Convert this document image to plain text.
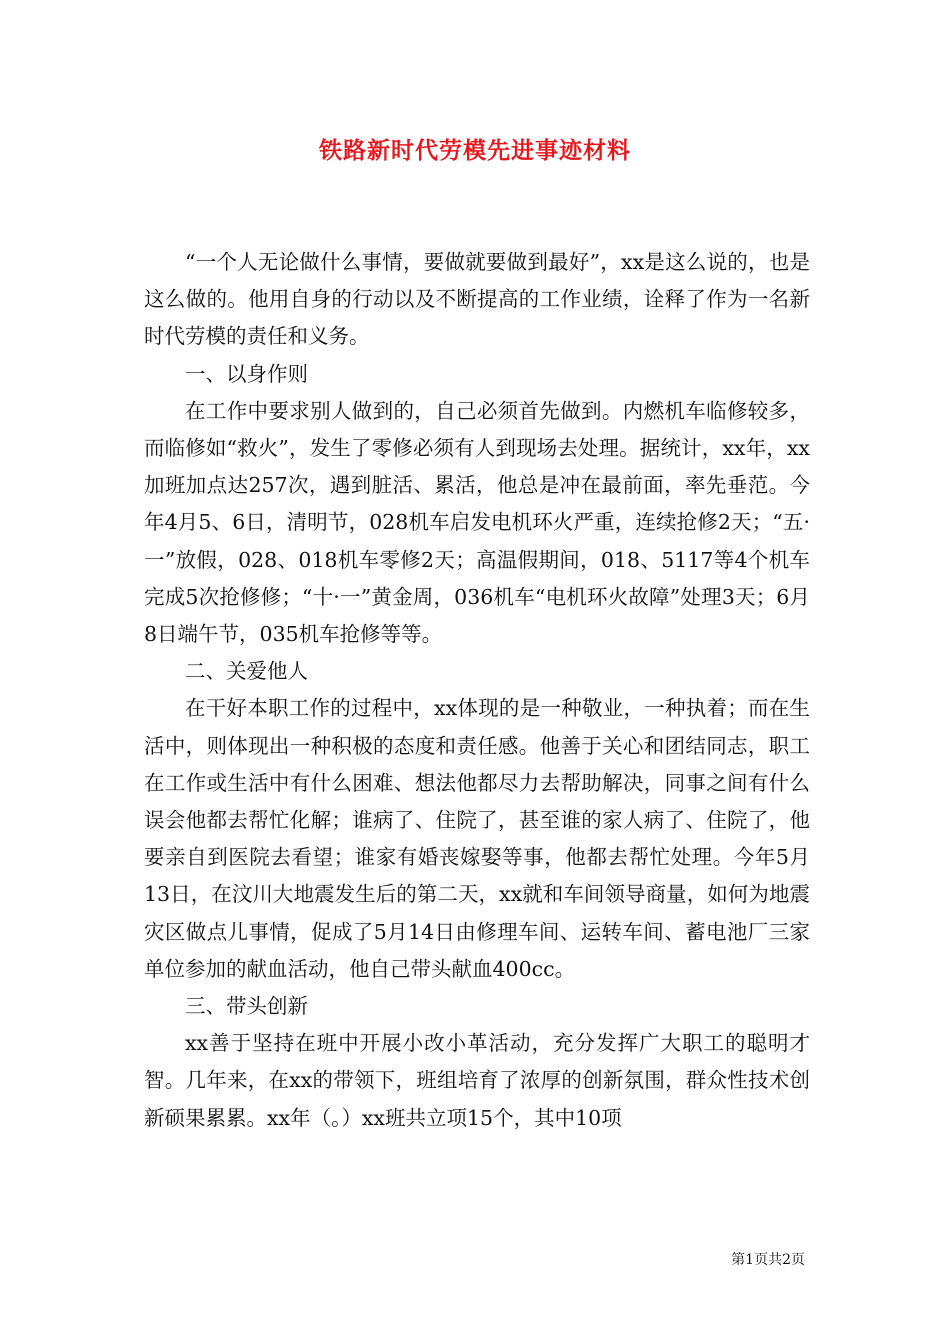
铁路新时代劳模先进事迹材料

“一个人无论做什么事情，要做就要做到最好”，xx是这么说的，也是这么做的。他用自身的行动以及不断提高的工作业绩，诠释了作为一名新时代劳模的责任和义务。

一、以身作则

在工作中要求别人做到的，自己必须首先做到。内燃机车临修较多，而临修如“救火”，发生了零修必须有人到现场去处理。据统计，xx年，xx加班加点达257次，遇到脏活、累活，他总是冲在最前面，率先垂范。今年4月5、6日，清明节，028机车启发电机环火严重，连续抢修2天；“五·一”放假，028、018机车零修2天；高温假期间，018、5117等4个机车完成5次抢修修；“十·一”黄金周，036机车“电机环火故障”处理3天；6月8日端午节，035机车抢修等等。

二、关爱他人

在干好本职工作的过程中，xx体现的是一种敬业，一种执着；而在生活中，则体现出一种积极的态度和责任感。他善于关心和团结同志，职工在工作或生活中有什么困难、想法他都尽力去帮助解决，同事之间有什么误会他都去帮忙化解；谁病了、住院了，甚至谁的家人病了、住院了，他要亲自到医院去看望；谁家有婚丧嫁娶等事，他都去帮忙处理。今年5月13日，在汶川大地震发生后的第二天，xx就和车间领导商量，如何为地震灾区做点儿事情，促成了5月14日由修理车间、运转车间、蓄电池厂三家单位参加的献血活动，他自己带头献血400cc。

三、带头创新

xx善于坚持在班中开展小改小革活动，充分发挥广大职工的聪明才智。几年来，在xx的带领下，班组培育了浓厚的创新氛围，群众性技术创新硕果累累。xx年（。）xx班共立项15个，其中10项

第1页共2页
